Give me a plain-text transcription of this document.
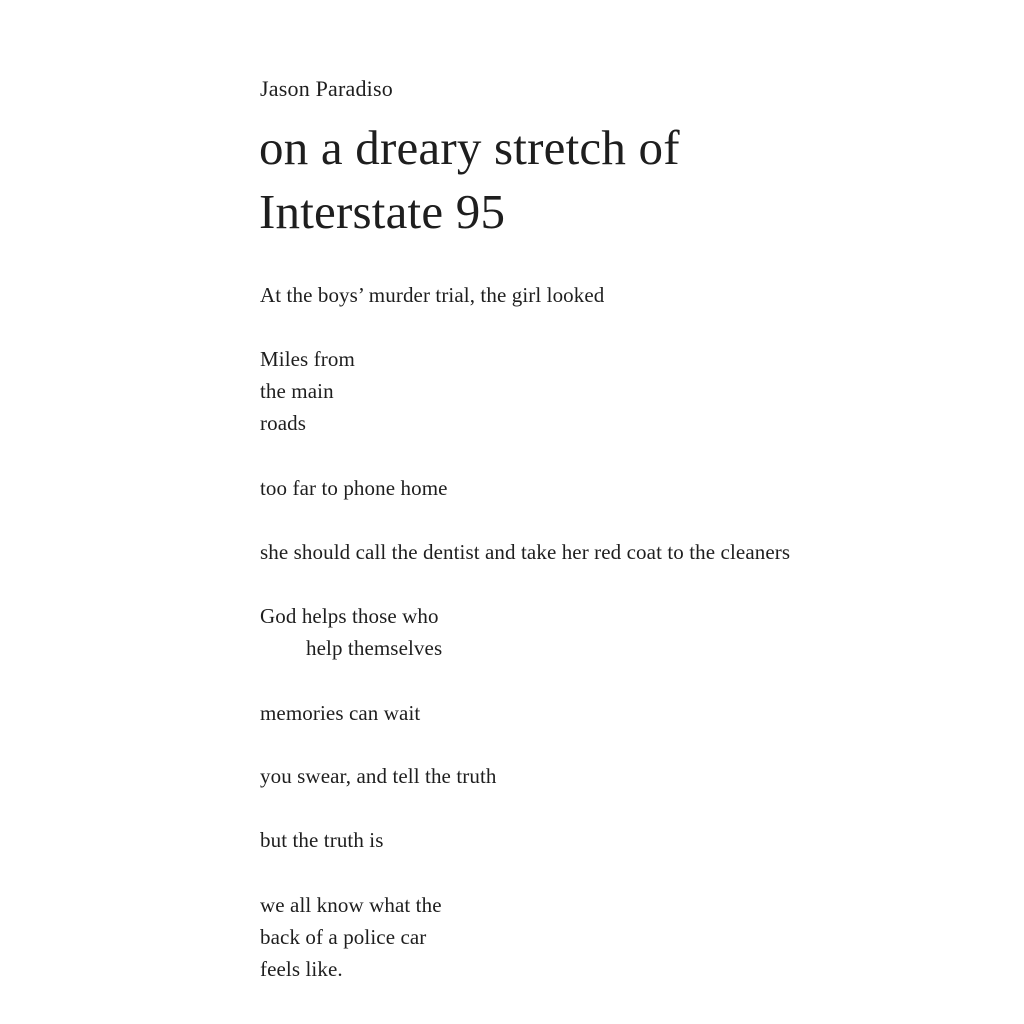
Jason Paradiso
on a dreary stretch of
Interstate 95
At the boys’ murder trial, the girl looked
Miles from
the main
roads
too far to phone home
she should call the dentist and take her red coat to the cleaners
God helps those who
help themselves
memories can wait
you swear, and tell the truth
but the truth is
we all know what the
back of a police car
feels like.
